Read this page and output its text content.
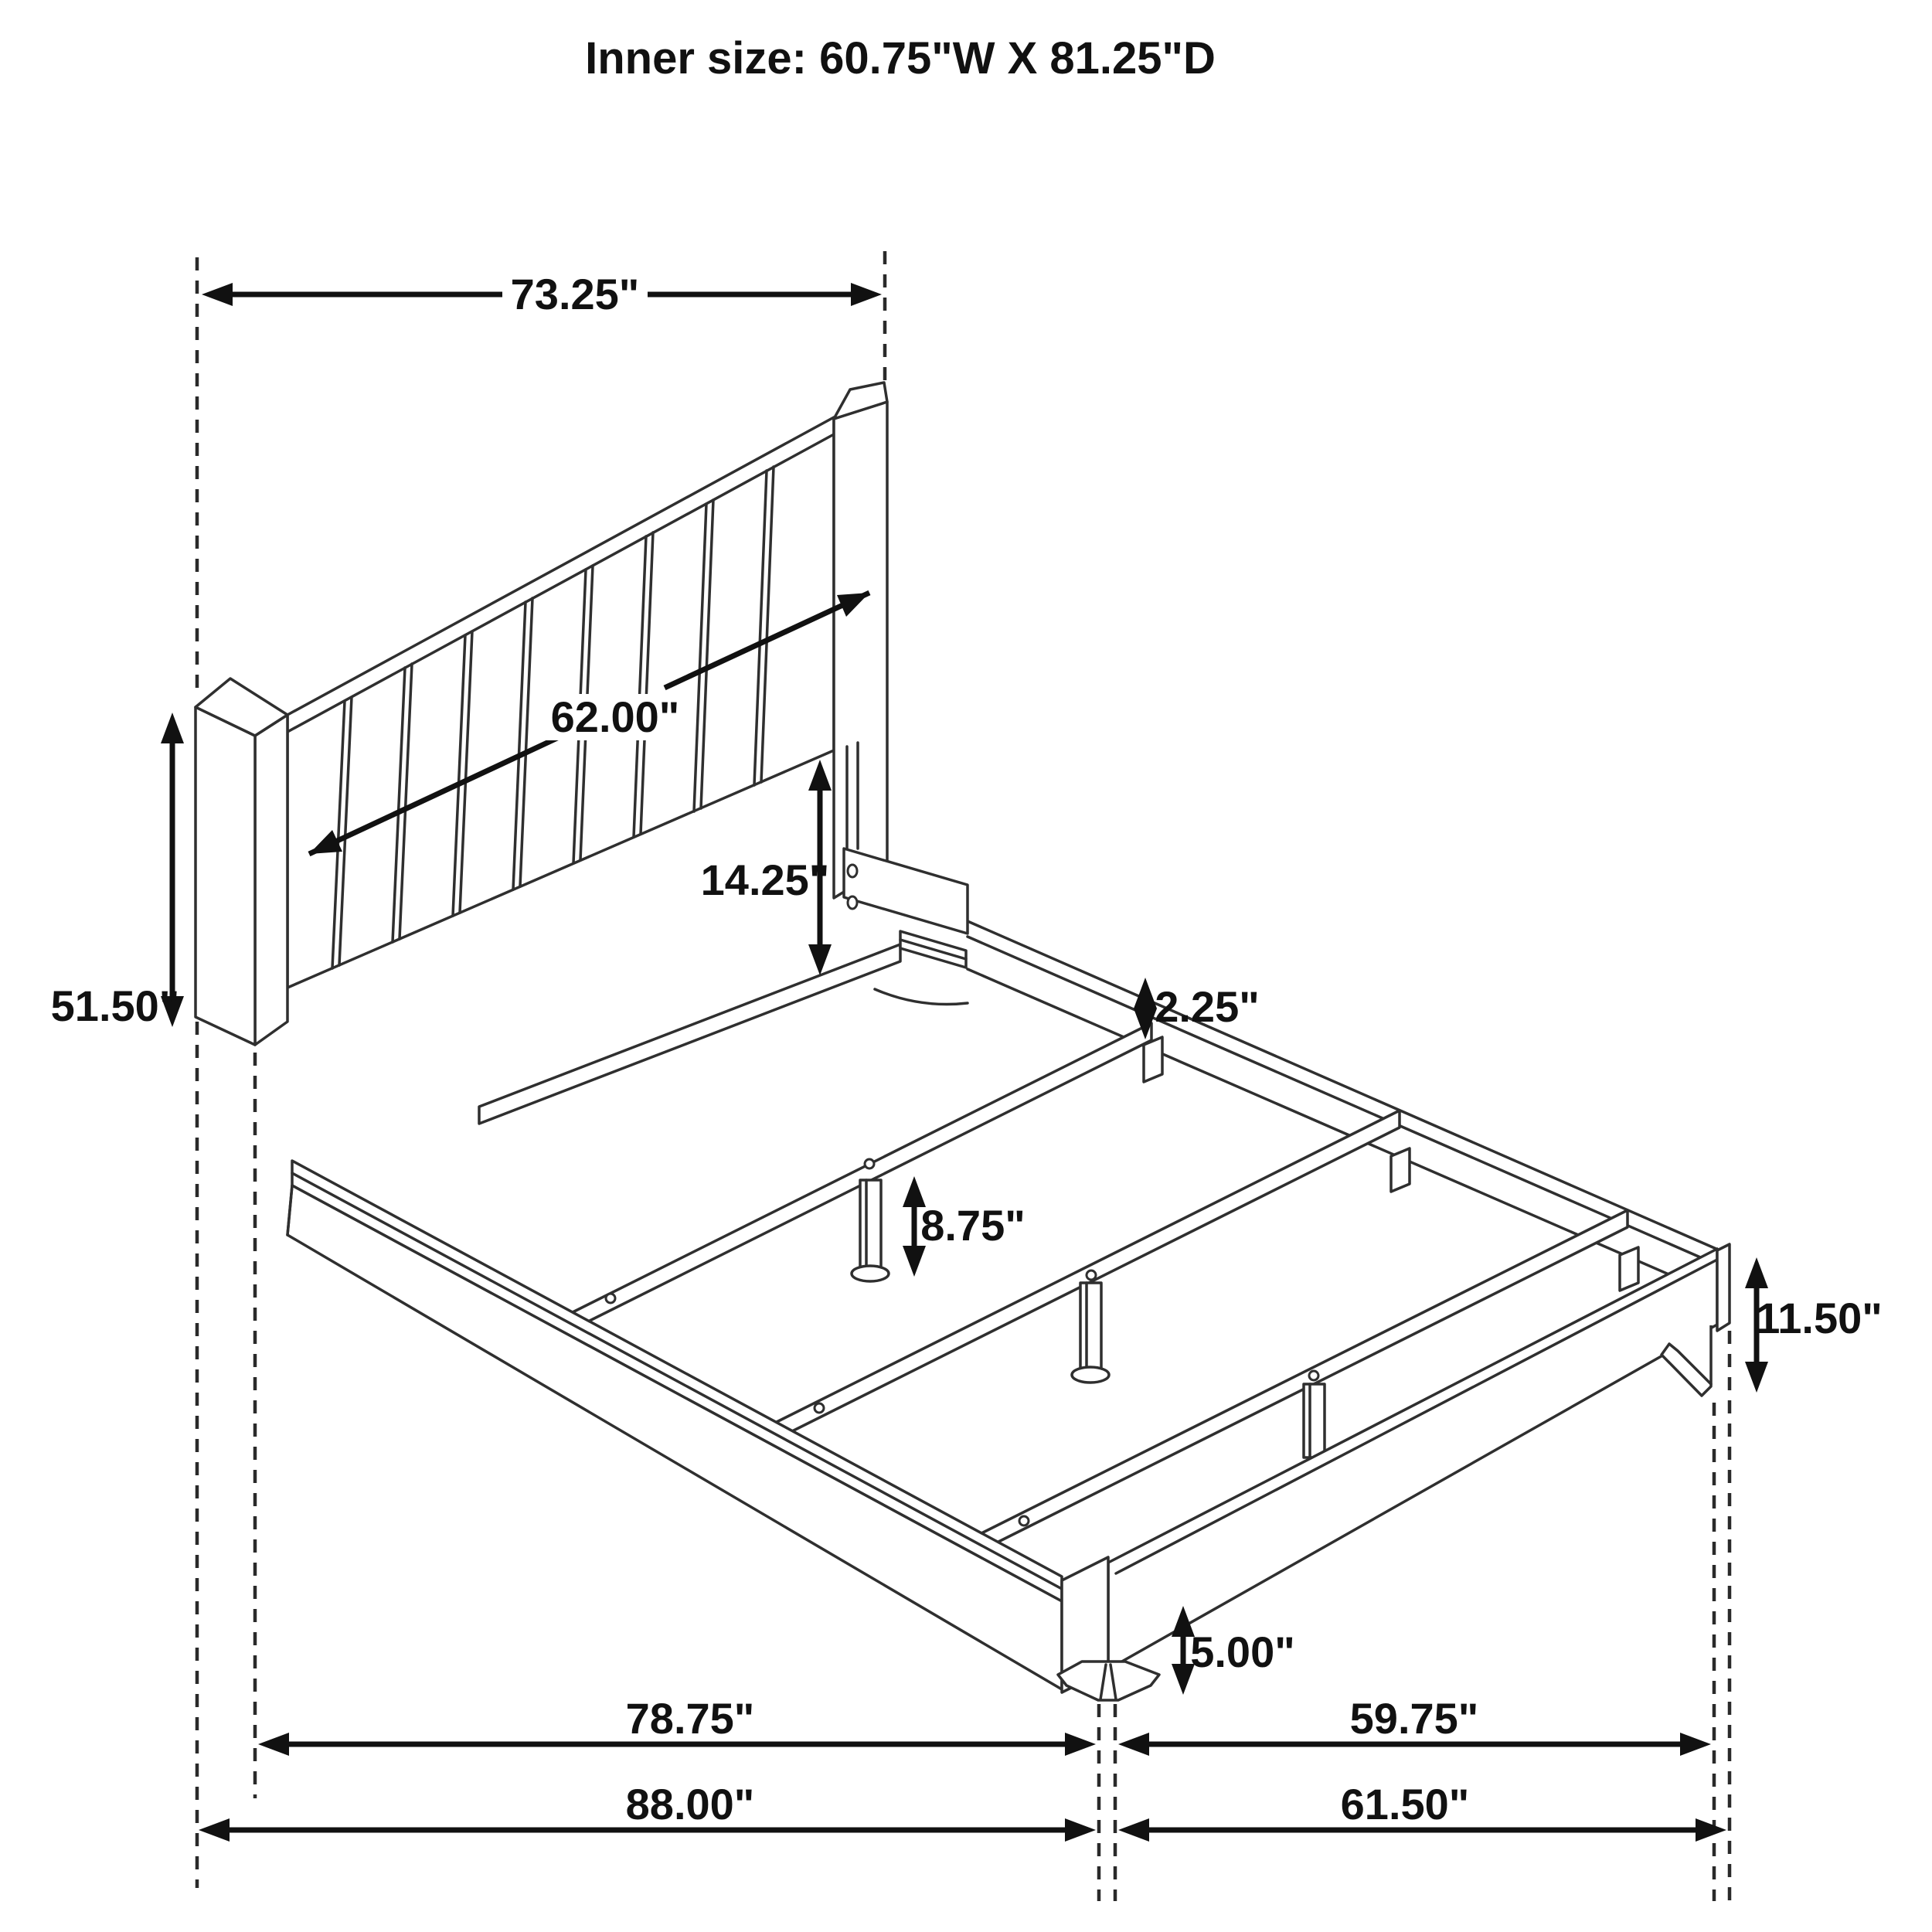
73.25"
62.00"
51.50"
14.25"
2.25"
8.75"
11.50"
5.00"
78.75"	59.75"
88.00"	61.50"
Inner size: 60.75"W X 81.25"D
